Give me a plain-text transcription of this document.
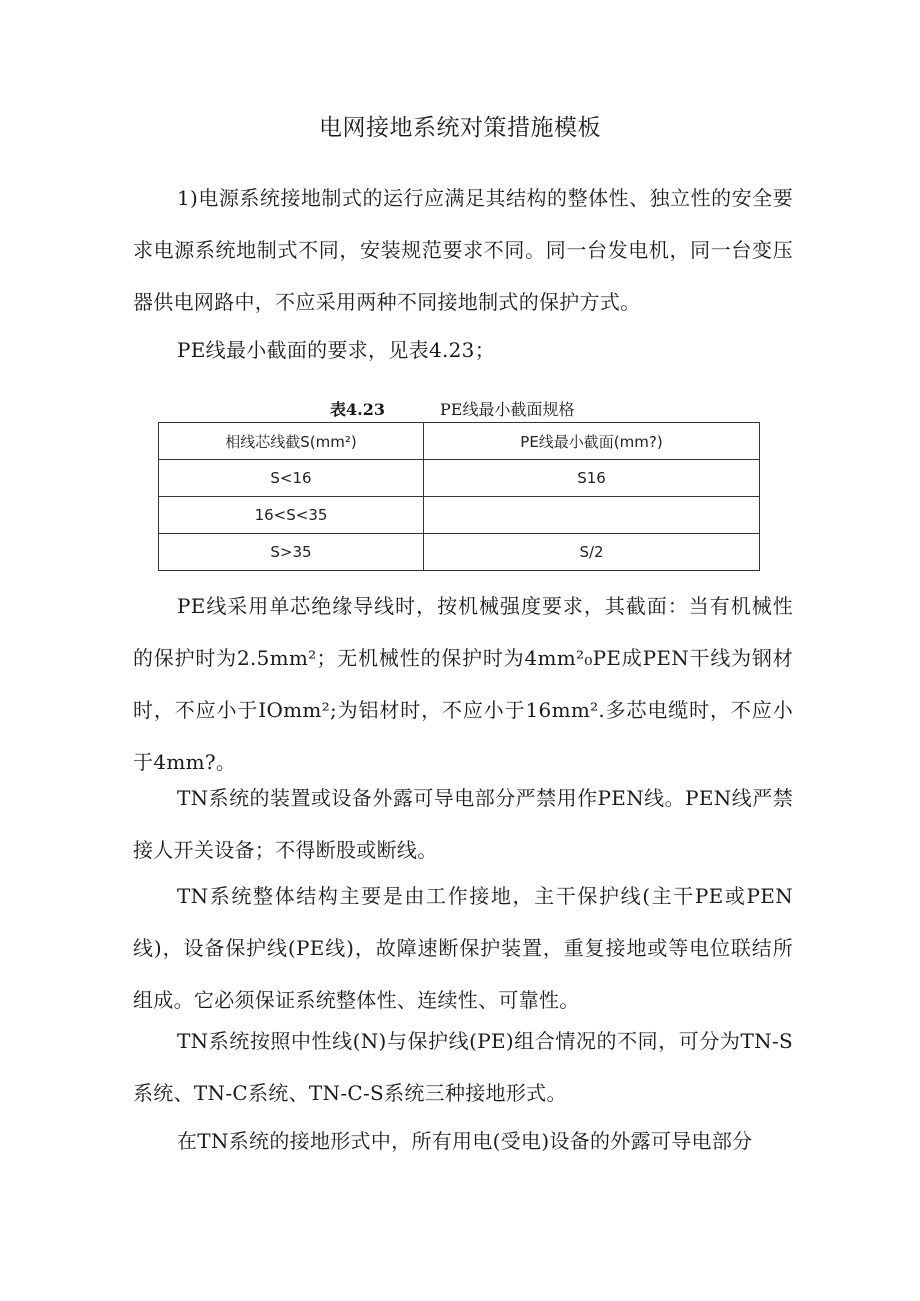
电网接地系统对策措施模板

1)电源系统接地制式的运行应满足其结构的整体性、独立性的安全要求电源系统地制式不同，安装规范要求不同。同一台发电机，同一台变压器供电网路中，不应采用两种不同接地制式的保护方式。

PE线最小截面的要求，见表4.23；

表4.23	PE线最小截面规格
相线芯线截S(mm²)	PE线最小截面(mm?)
S<16	S16
16<S<35	
S>35	S/2

PE线采用单芯绝缘导线时，按机械强度要求，其截面：当有机械性的保护时为2.5mm²；无机械性的保护时为4mm²₀PE成PEN干线为钢材时，不应小于IOmm²;为铝材时，不应小于16mm².多芯电缆时，不应小于4mm?。

TN系统的装置或设备外露可导电部分严禁用作PEN线。PEN线严禁接人开关设备；不得断股或断线。

TN系统整体结构主要是由工作接地，主干保护线(主干PE或PEN线)，设备保护线(PE线)，故障速断保护装置，重复接地或等电位联结所组成。它必须保证系统整体性、连续性、可靠性。

TN系统按照中性线(N)与保护线(PE)组合情况的不同，可分为TN-S系统、TN-C系统、TN-C-S系统三种接地形式。

在TN系统的接地形式中，所有用电(受电)设备的外露可导电部分
